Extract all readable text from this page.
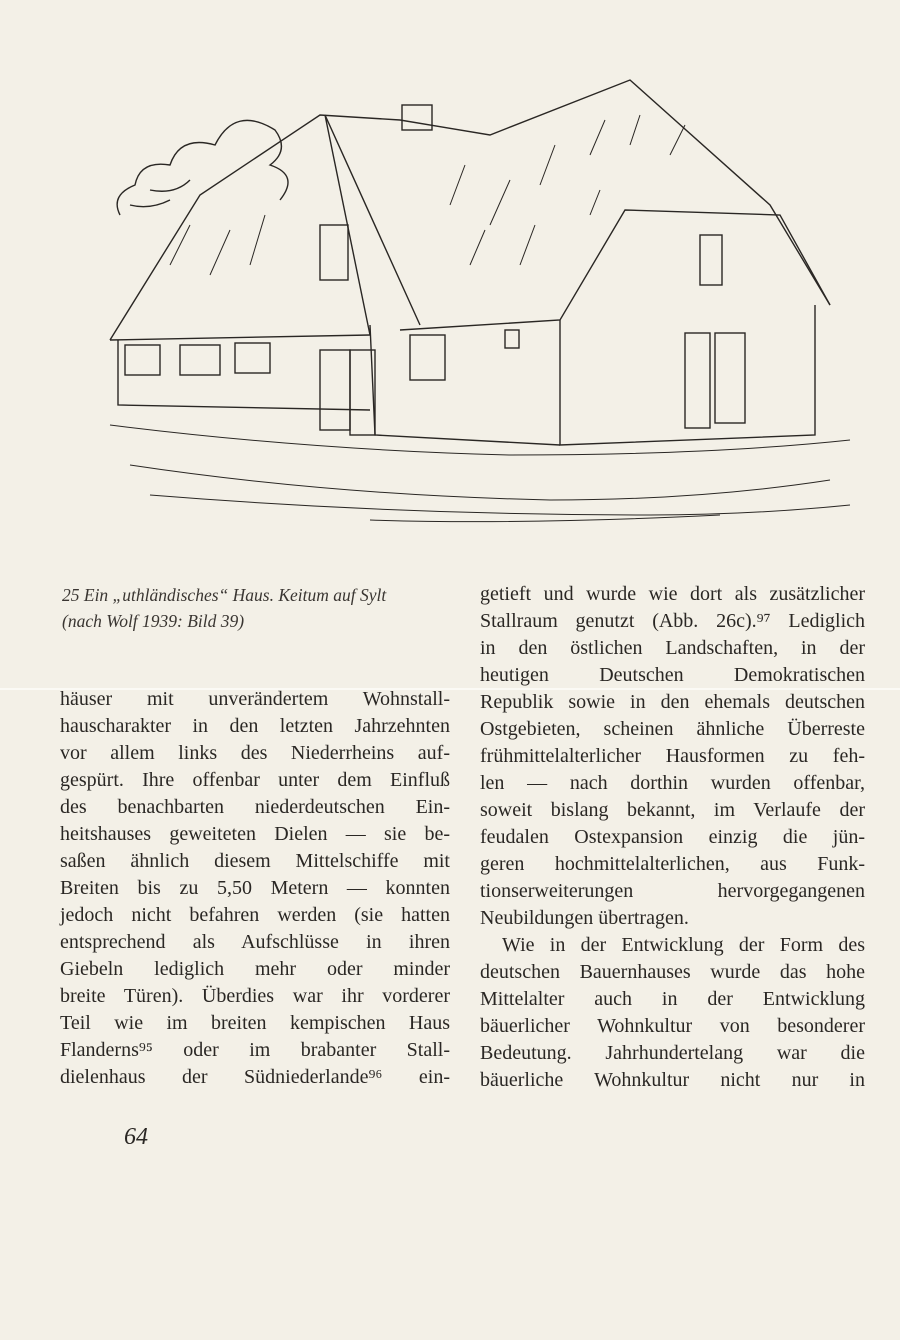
25 Ein „uthländisches“ Haus. Keitum auf Sylt
(nach Wolf 1939: Bild 39)
häuser mit unverändertem Wohnstall-
hauscharakter in den letzten Jahrzehnten
vor allem links des Niederrheins auf-
gespürt. Ihre offenbar unter dem Einfluß
des benachbarten niederdeutschen Ein-
heitshauses geweiteten Dielen — sie be-
saßen ähnlich diesem Mittelschiffe mit
Breiten bis zu 5,50 Metern — konnten
jedoch nicht befahren werden (sie hatten
entsprechend als Aufschlüsse in ihren
Giebeln lediglich mehr oder minder
breite Türen). Überdies war ihr vorderer
Teil wie im breiten kempischen Haus
Flanderns⁹⁵ oder im brabanter Stall-
dielenhaus der Südniederlande⁹⁶ ein-
getieft und wurde wie dort als zusätzlicher
Stallraum genutzt (Abb. 26c).⁹⁷ Lediglich
in den östlichen Landschaften, in der
heutigen Deutschen Demokratischen
Republik sowie in den ehemals deutschen
Ostgebieten, scheinen ähnliche Überreste
frühmittelalterlicher Hausformen zu feh-
len — nach dorthin wurden offenbar,
soweit bislang bekannt, im Verlaufe der
feudalen Ostexpansion einzig die jün-
geren hochmittelalterlichen, aus Funk-
tionserweiterungen hervorgegangenen
Neubildungen übertragen.
Wie in der Entwicklung der Form des
deutschen Bauernhauses wurde das hohe
Mittelalter auch in der Entwicklung
bäuerlicher Wohnkultur von besonderer
Bedeutung. Jahrhundertelang war die
bäuerliche Wohnkultur nicht nur in
64
